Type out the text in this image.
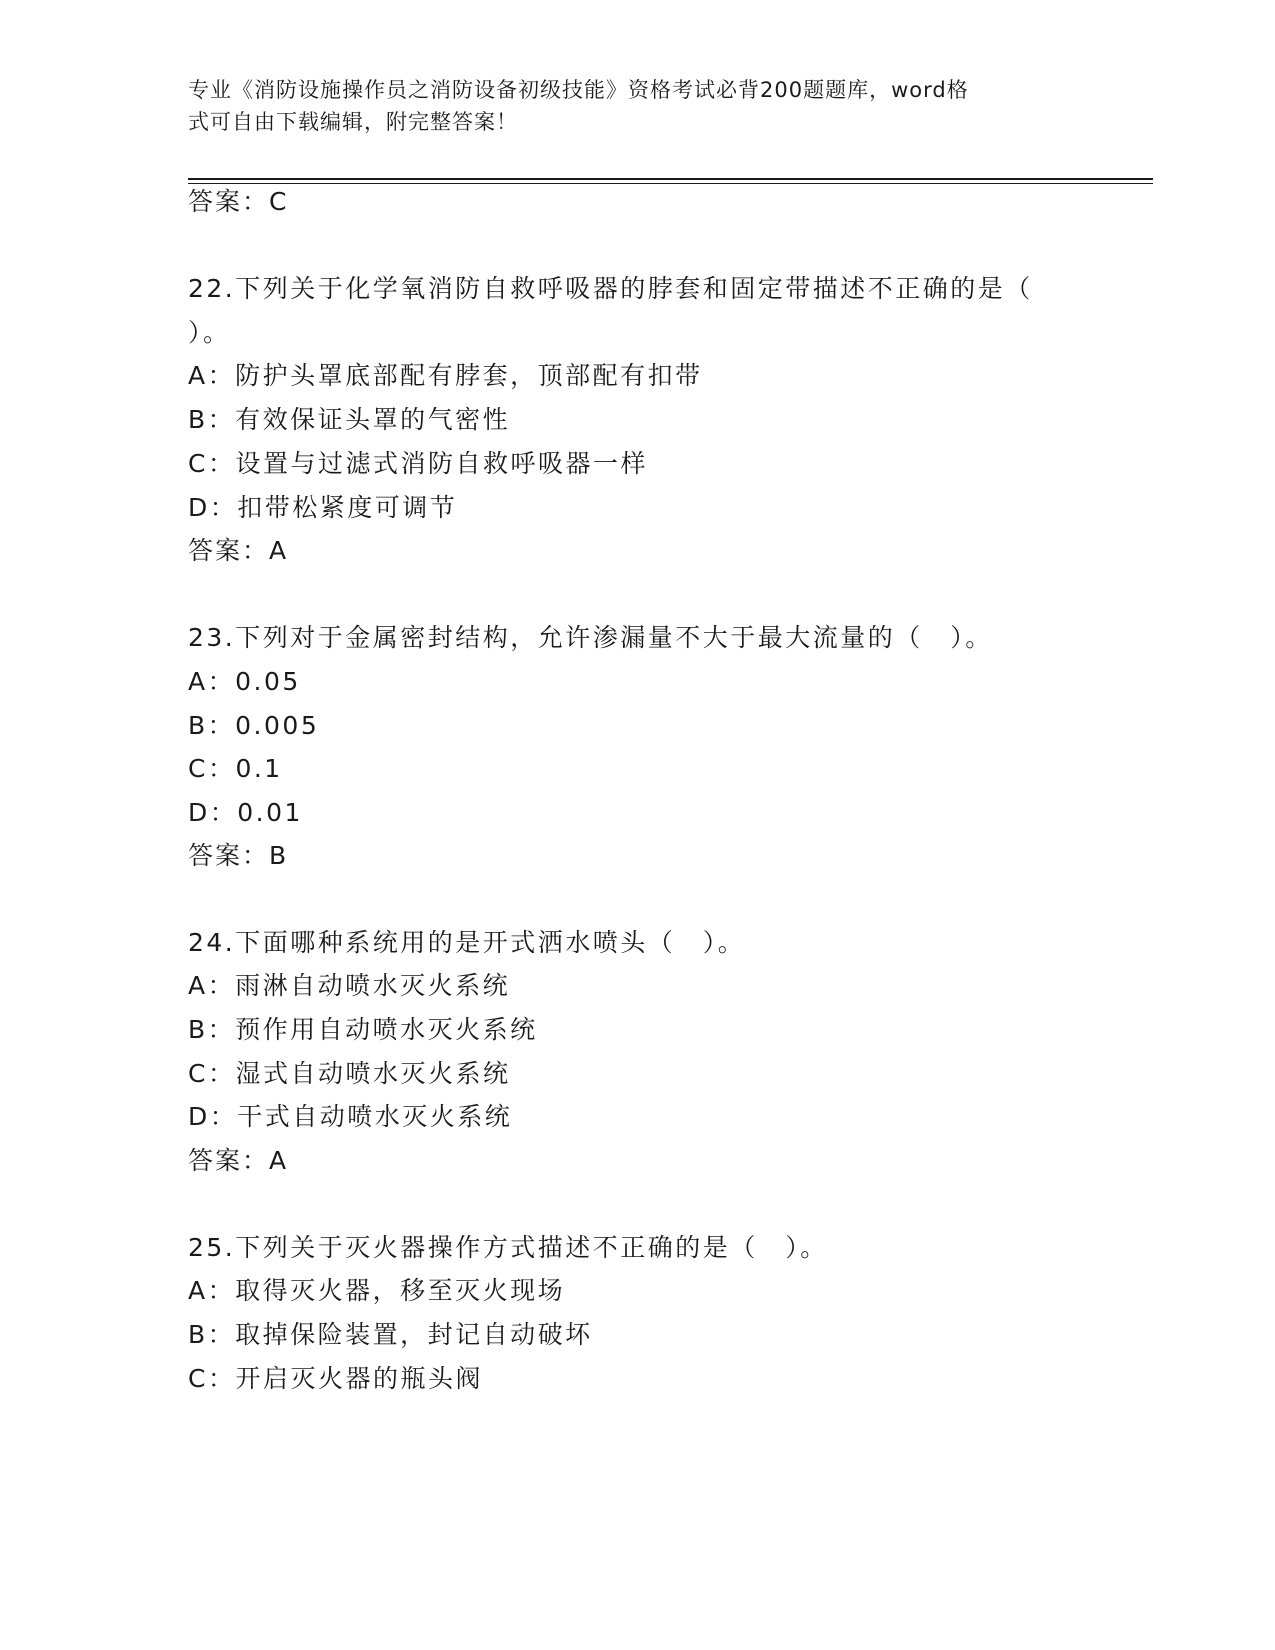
专业《消防设施操作员之消防设备初级技能》资格考试必背200题题库，word格
式可自由下载编辑，附完整答案！
答案：C
22.下列关于化学氧消防自救呼吸器的脖套和固定带描述不正确的是（
）。
A：防护头罩底部配有脖套，顶部配有扣带
B：有效保证头罩的气密性
C：设置与过滤式消防自救呼吸器一样
D：扣带松紧度可调节
答案：A
23.下列对于金属密封结构，允许渗漏量不大于最大流量的（　）。
A：0.05
B：0.005
C：0.1
D：0.01
答案：B
24.下面哪种系统用的是开式洒水喷头（　）。
A：雨淋自动喷水灭火系统
B：预作用自动喷水灭火系统
C：湿式自动喷水灭火系统
D：干式自动喷水灭火系统
答案：A
25.下列关于灭火器操作方式描述不正确的是（　）。
A：取得灭火器，移至灭火现场
B：取掉保险装置，封记自动破坏
C：开启灭火器的瓶头阀
